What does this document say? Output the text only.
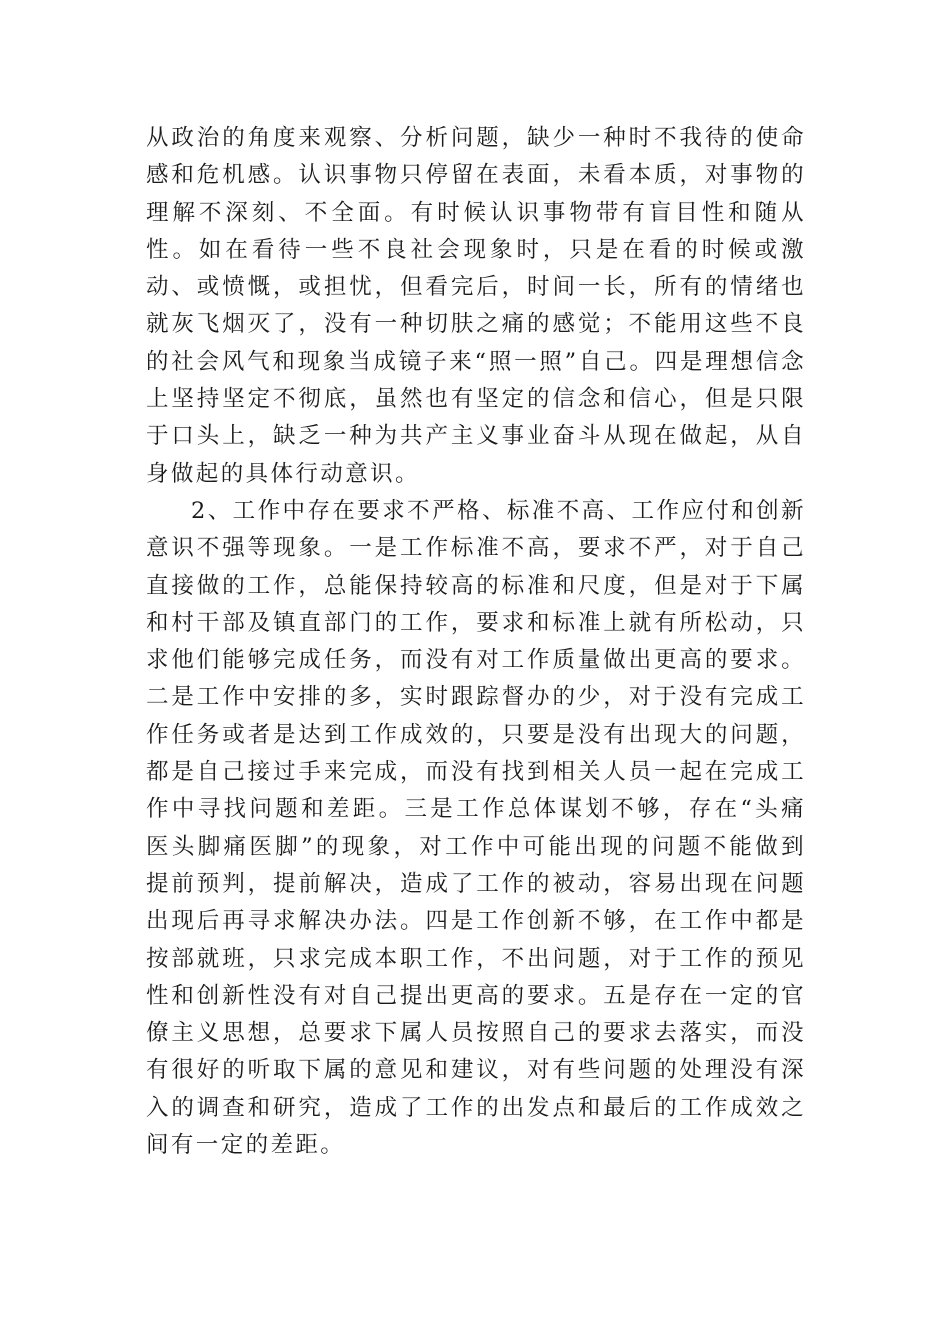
从政治的角度来观察、分析问题，缺少一种时不我待的使命感和危机感。认识事物只停留在表面，未看本质，对事物的理解不深刻、不全面。有时候认识事物带有盲目性和随从性。如在看待一些不良社会现象时，只是在看的时候或激动、或愤慨，或担忧，但看完后，时间一长，所有的情绪也就灰飞烟灭了，没有一种切肤之痛的感觉；不能用这些不良的社会风气和现象当成镜子来“照一照”自己。四是理想信念上坚持坚定不彻底，虽然也有坚定的信念和信心，但是只限于口头上，缺乏一种为共产主义事业奋斗从现在做起，从自身做起的具体行动意识。

2、工作中存在要求不严格、标准不高、工作应付和创新意识不强等现象。一是工作标准不高，要求不严，对于自己直接做的工作，总能保持较高的标准和尺度，但是对于下属和村干部及镇直部门的工作，要求和标准上就有所松动，只求他们能够完成任务，而没有对工作质量做出更高的要求。二是工作中安排的多，实时跟踪督办的少，对于没有完成工作任务或者是达到工作成效的，只要是没有出现大的问题，都是自己接过手来完成，而没有找到相关人员一起在完成工作中寻找问题和差距。三是工作总体谋划不够，存在“头痛医头脚痛医脚”的现象，对工作中可能出现的问题不能做到提前预判，提前解决，造成了工作的被动，容易出现在问题出现后再寻求解决办法。四是工作创新不够，在工作中都是按部就班，只求完成本职工作，不出问题，对于工作的预见性和创新性没有对自己提出更高的要求。五是存在一定的官僚主义思想，总要求下属人员按照自己的要求去落实，而没有很好的听取下属的意见和建议，对有些问题的处理没有深入的调查和研究，造成了工作的出发点和最后的工作成效之间有一定的差距。
